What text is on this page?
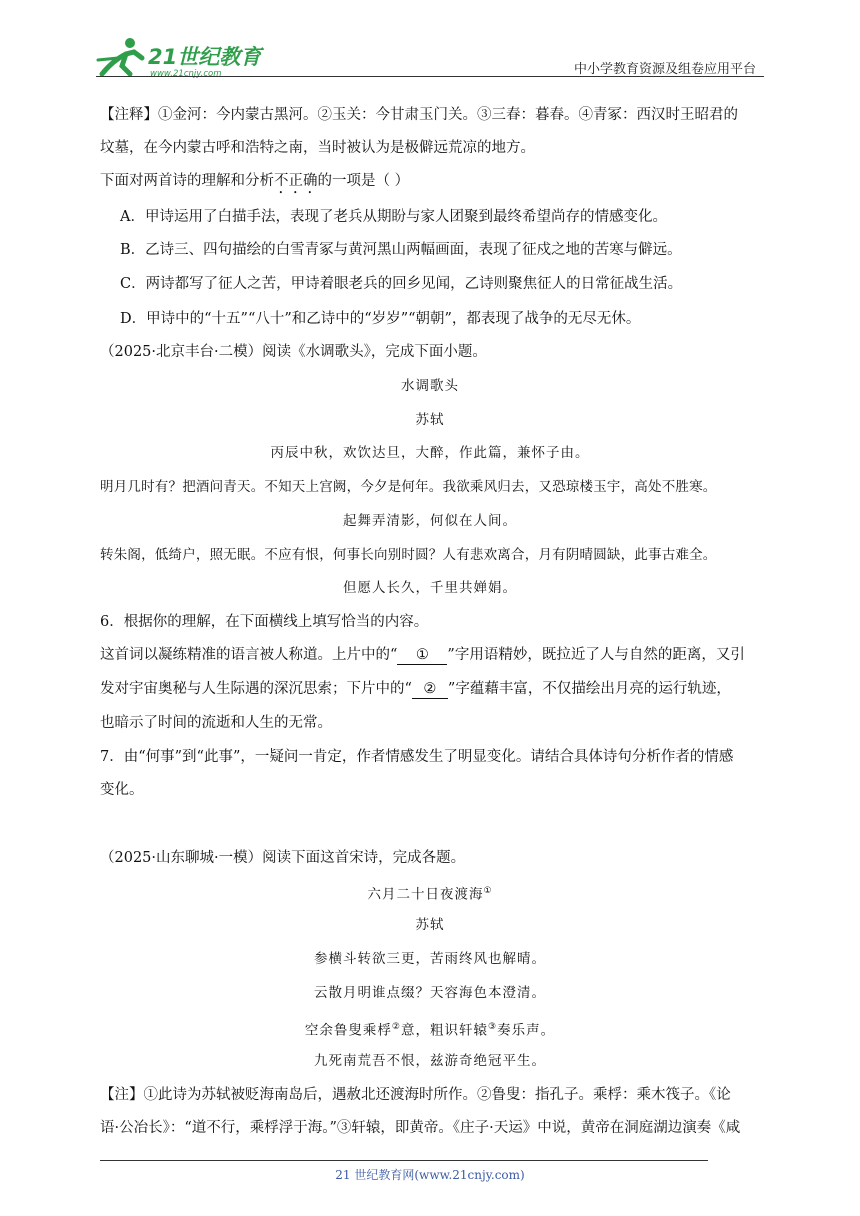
21世纪教育
www.21cnjy.com	中小学教育资源及组卷应用平台
【注释】①金河：今内蒙古黑河。②玉关：今甘肃玉门关。③三春：暮春。④青冢：西汉时王昭君的
坟墓，在今内蒙古呼和浩特之南，当时被认为是极僻远荒凉的地方。
下面对两首诗的理解和分析不正确的一项是（ ）
A．甲诗运用了白描手法，表现了老兵从期盼与家人团聚到最终希望尚存的情感变化。
B．乙诗三、四句描绘的白雪青冢与黄河黑山两幅画面，表现了征戍之地的苦寒与僻远。
C．两诗都写了征人之苦，甲诗着眼老兵的回乡见闻，乙诗则聚焦征人的日常征战生活。
D．甲诗中的“十五”“八十”和乙诗中的“岁岁”“朝朝”，都表现了战争的无尽无休。
（2025·北京丰台·二模）阅读《水调歌头》，完成下面小题。
水调歌头
苏轼
丙辰中秋，欢饮达旦，大醉，作此篇，兼怀子由。
明月几时有？把酒问青天。不知天上宫阙，今夕是何年。我欲乘风归去，又恐琼楼玉宇，高处不胜寒。
起舞弄清影，何似在人间。
转朱阁，低绮户，照无眠。不应有恨，何事长向别时圆？人有悲欢离合，月有阴晴圆缺，此事古难全。
但愿人长久，千里共婵娟。
6．根据你的理解，在下面横线上填写恰当的内容。
这首词以凝练精准的语言被人称道。上片中的“ ① ”字用语精妙，既拉近了人与自然的距离，又引
发对宇宙奥秘与人生际遇的深沉思索；下片中的“ ② ”字蕴藉丰富，不仅描绘出月亮的运行轨迹，
也暗示了时间的流逝和人生的无常。
7．由“何事”到“此事”，一疑问一肯定，作者情感发生了明显变化。请结合具体诗句分析作者的情感
变化。
（2025·山东聊城·一模）阅读下面这首宋诗，完成各题。
六月二十日夜渡海①
苏轼
参横斗转欲三更，苦雨终风也解晴。
云散月明谁点缀？天容海色本澄清。
空余鲁叟乘桴②意，粗识轩辕③奏乐声。
九死南荒吾不恨，兹游奇绝冠平生。
【注】①此诗为苏轼被贬海南岛后，遇赦北还渡海时所作。②鲁叟：指孔子。乘桴：乘木筏子。《论
语·公冶长》：“道不行，乘桴浮于海。”③轩辕，即黄帝。《庄子·天运》中说，黄帝在洞庭湖边演奏《咸
21 世纪教育网(www.21cnjy.com)
